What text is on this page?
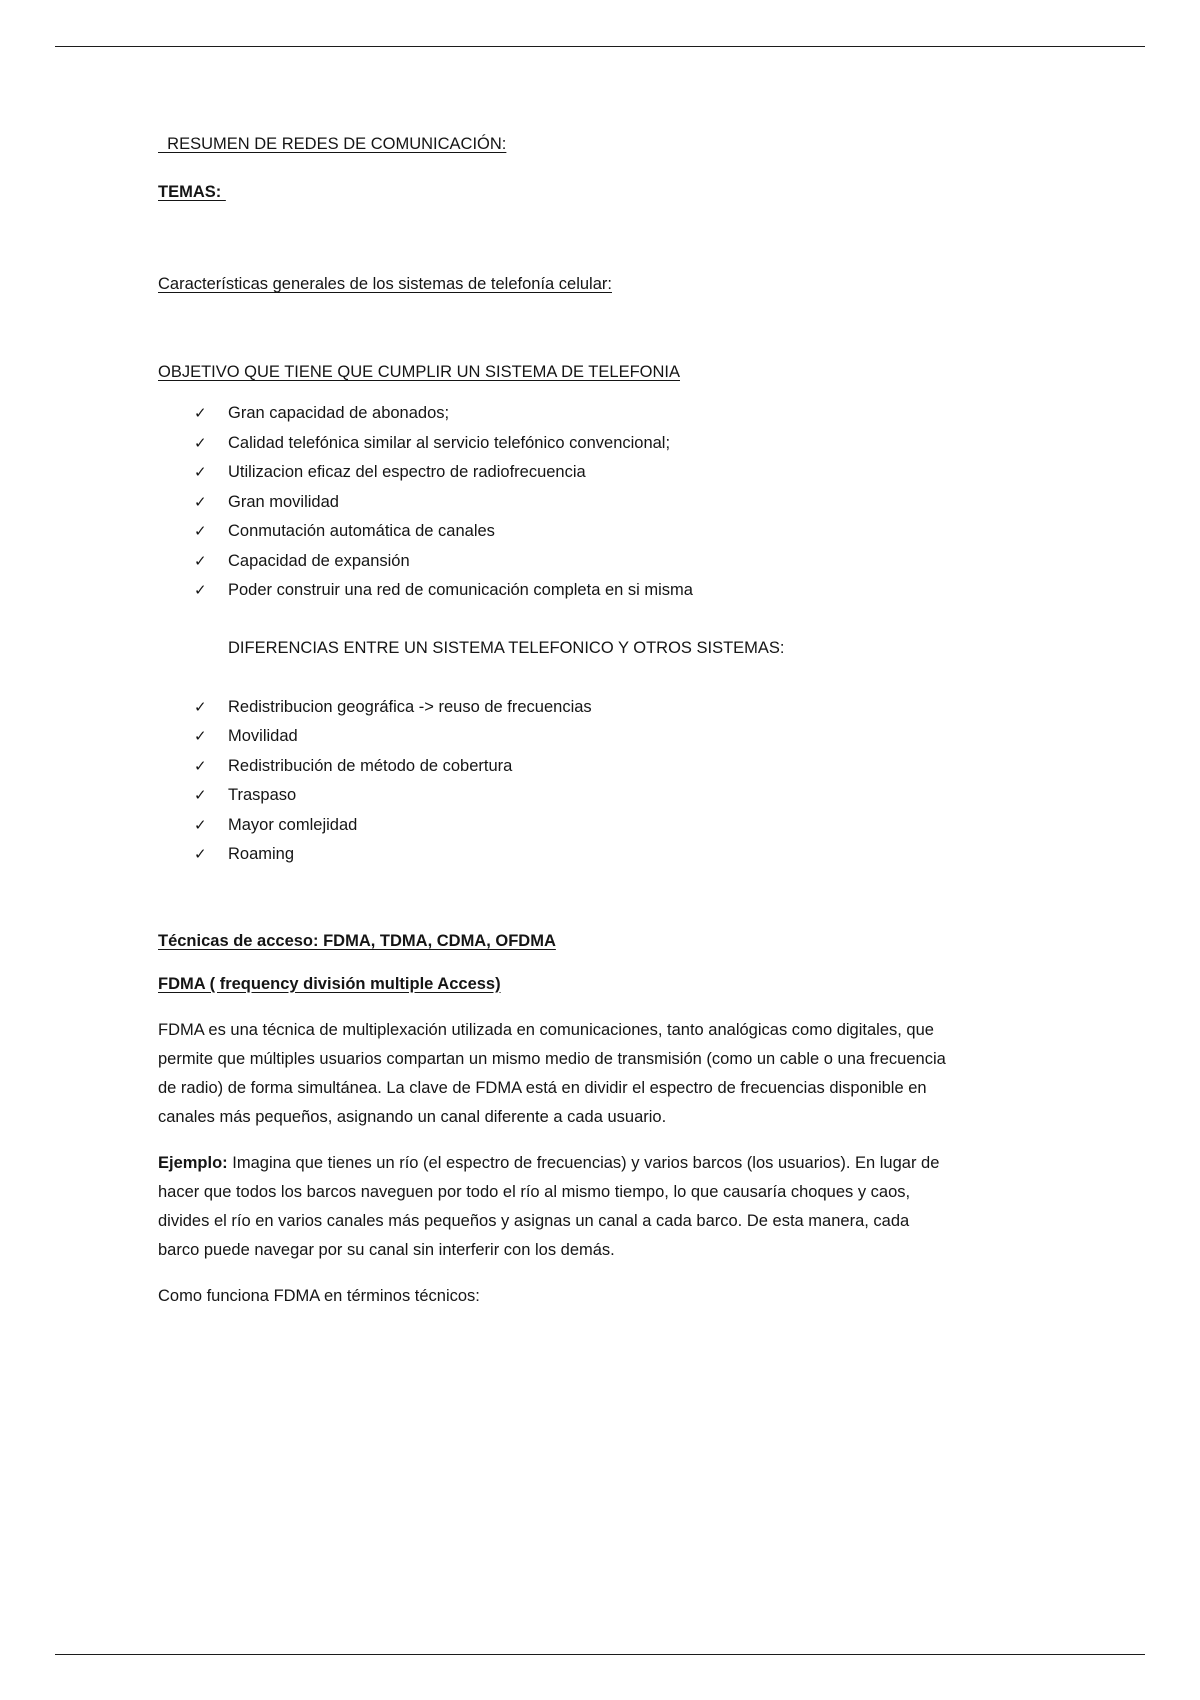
RESUMEN DE REDES DE COMUNICACIÓN:

TEMAS:

Características generales de los sistemas de telefonía celular:

OBJETIVO QUE TIENE QUE CUMPLIR UN SISTEMA DE TELEFONIA

✓	Gran capacidad de abonados;
✓	Calidad telefónica similar al servicio telefónico convencional;
✓	Utilizacion eficaz del espectro de radiofrecuencia
✓	Gran movilidad
✓	Conmutación automática de canales
✓	Capacidad de expansión
✓	Poder construir una red de comunicación completa en si misma

DIFERENCIAS ENTRE UN SISTEMA TELEFONICO Y OTROS SISTEMAS:

✓	Redistribucion geográfica -> reuso de frecuencias
✓	Movilidad
✓	Redistribución de método de cobertura
✓	Traspaso
✓	Mayor comlejidad
✓	Roaming

Técnicas de acceso: FDMA, TDMA, CDMA, OFDMA

FDMA ( frequency división multiple Access)

FDMA es una técnica de multiplexación utilizada en comunicaciones, tanto analógicas como digitales, que permite que múltiples usuarios compartan un mismo medio de transmisión (como un cable o una frecuencia de radio) de forma simultánea. La clave de FDMA está en dividir el espectro de frecuencias disponible en canales más pequeños, asignando un canal diferente a cada usuario.

Ejemplo: Imagina que tienes un río (el espectro de frecuencias) y varios barcos (los usuarios). En lugar de hacer que todos los barcos naveguen por todo el río al mismo tiempo, lo que causaría choques y caos, divides el río en varios canales más pequeños y asignas un canal a cada barco. De esta manera, cada barco puede navegar por su canal sin interferir con los demás.

Como funciona FDMA en términos técnicos:
